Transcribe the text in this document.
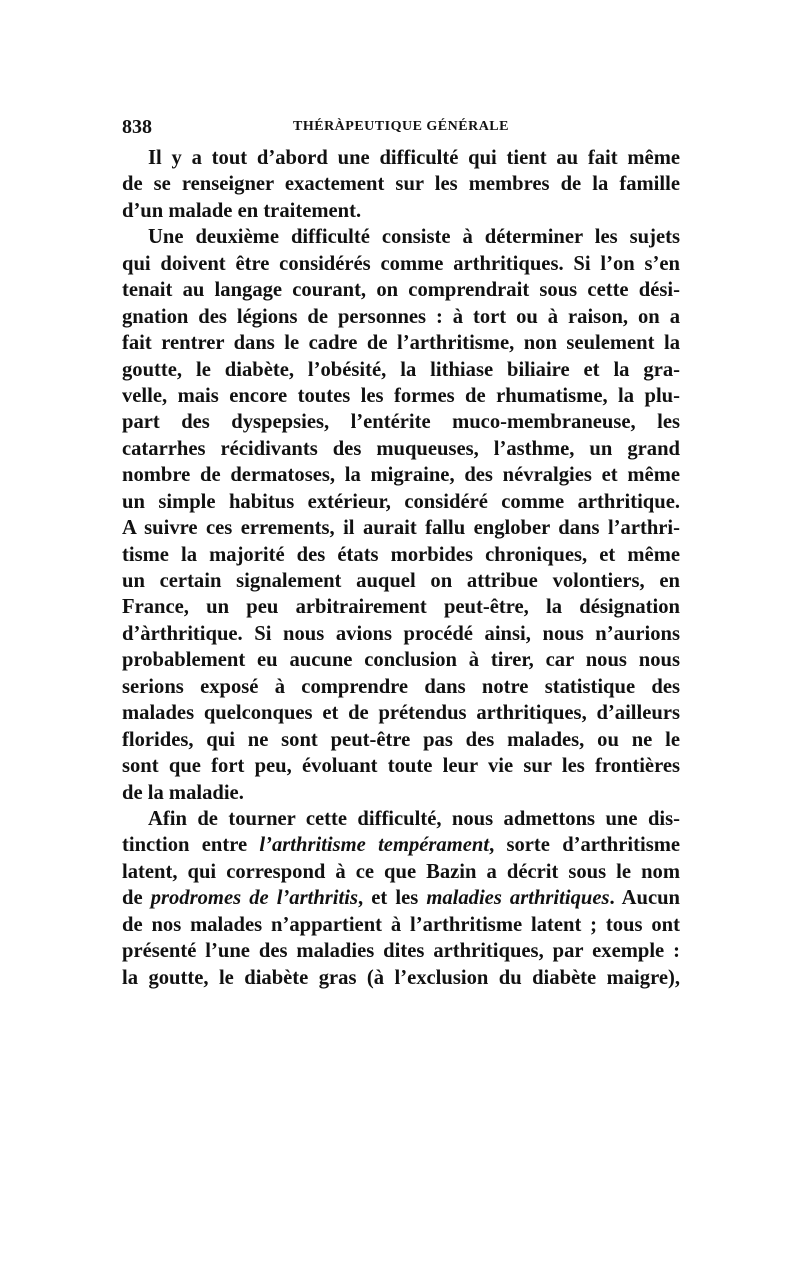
838	THÉRÀPEUTIQUE GÉNÉRALE
Il y a tout d’abord une difficulté qui tient au fait même
de se renseigner exactement sur les membres de la famille
d’un malade en traitement.
Une deuxième difficulté consiste à déterminer les sujets
qui doivent être considérés comme arthritiques. Si l’on s’en
tenait au langage courant, on comprendrait sous cette dési-
gnation des légions de personnes : à tort ou à raison, on a
fait rentrer dans le cadre de l’arthritisme, non seulement la
goutte, le diabète, l’obésité, la lithiase biliaire et la gra-
velle, mais encore toutes les formes de rhumatisme, la plu-
part des dyspepsies, l’entérite muco-membraneuse, les
catarrhes récidivants des muqueuses, l’asthme, un grand
nombre de dermatoses, la migraine, des névralgies et même
un simple habitus extérieur, considéré comme arthritique.
A suivre ces errements, il aurait fallu englober dans l’arthri-
tisme la majorité des états morbides chroniques, et même
un certain signalement auquel on attribue volontiers, en
France, un peu arbitrairement peut-être, la désignation
d’àrthritique. Si nous avions procédé ainsi, nous n’aurions
probablement eu aucune conclusion à tirer, car nous nous
serions exposé à comprendre dans notre statistique des
malades quelconques et de prétendus arthritiques, d’ailleurs
florides, qui ne sont peut-être pas des malades, ou ne le
sont que fort peu, évoluant toute leur vie sur les frontières
de la maladie.
Afin de tourner cette difficulté, nous admettons une dis-
tinction entre l’arthritisme tempérament, sorte d’arthritisme
latent, qui correspond à ce que Bazin a décrit sous le nom
de prodromes de l’arthritis, et les maladies arthritiques. Aucun
de nos malades n’appartient à l’arthritisme latent ; tous ont
présenté l’une des maladies dites arthritiques, par exemple :
la goutte, le diabète gras (à l’exclusion du diabète maigre),
